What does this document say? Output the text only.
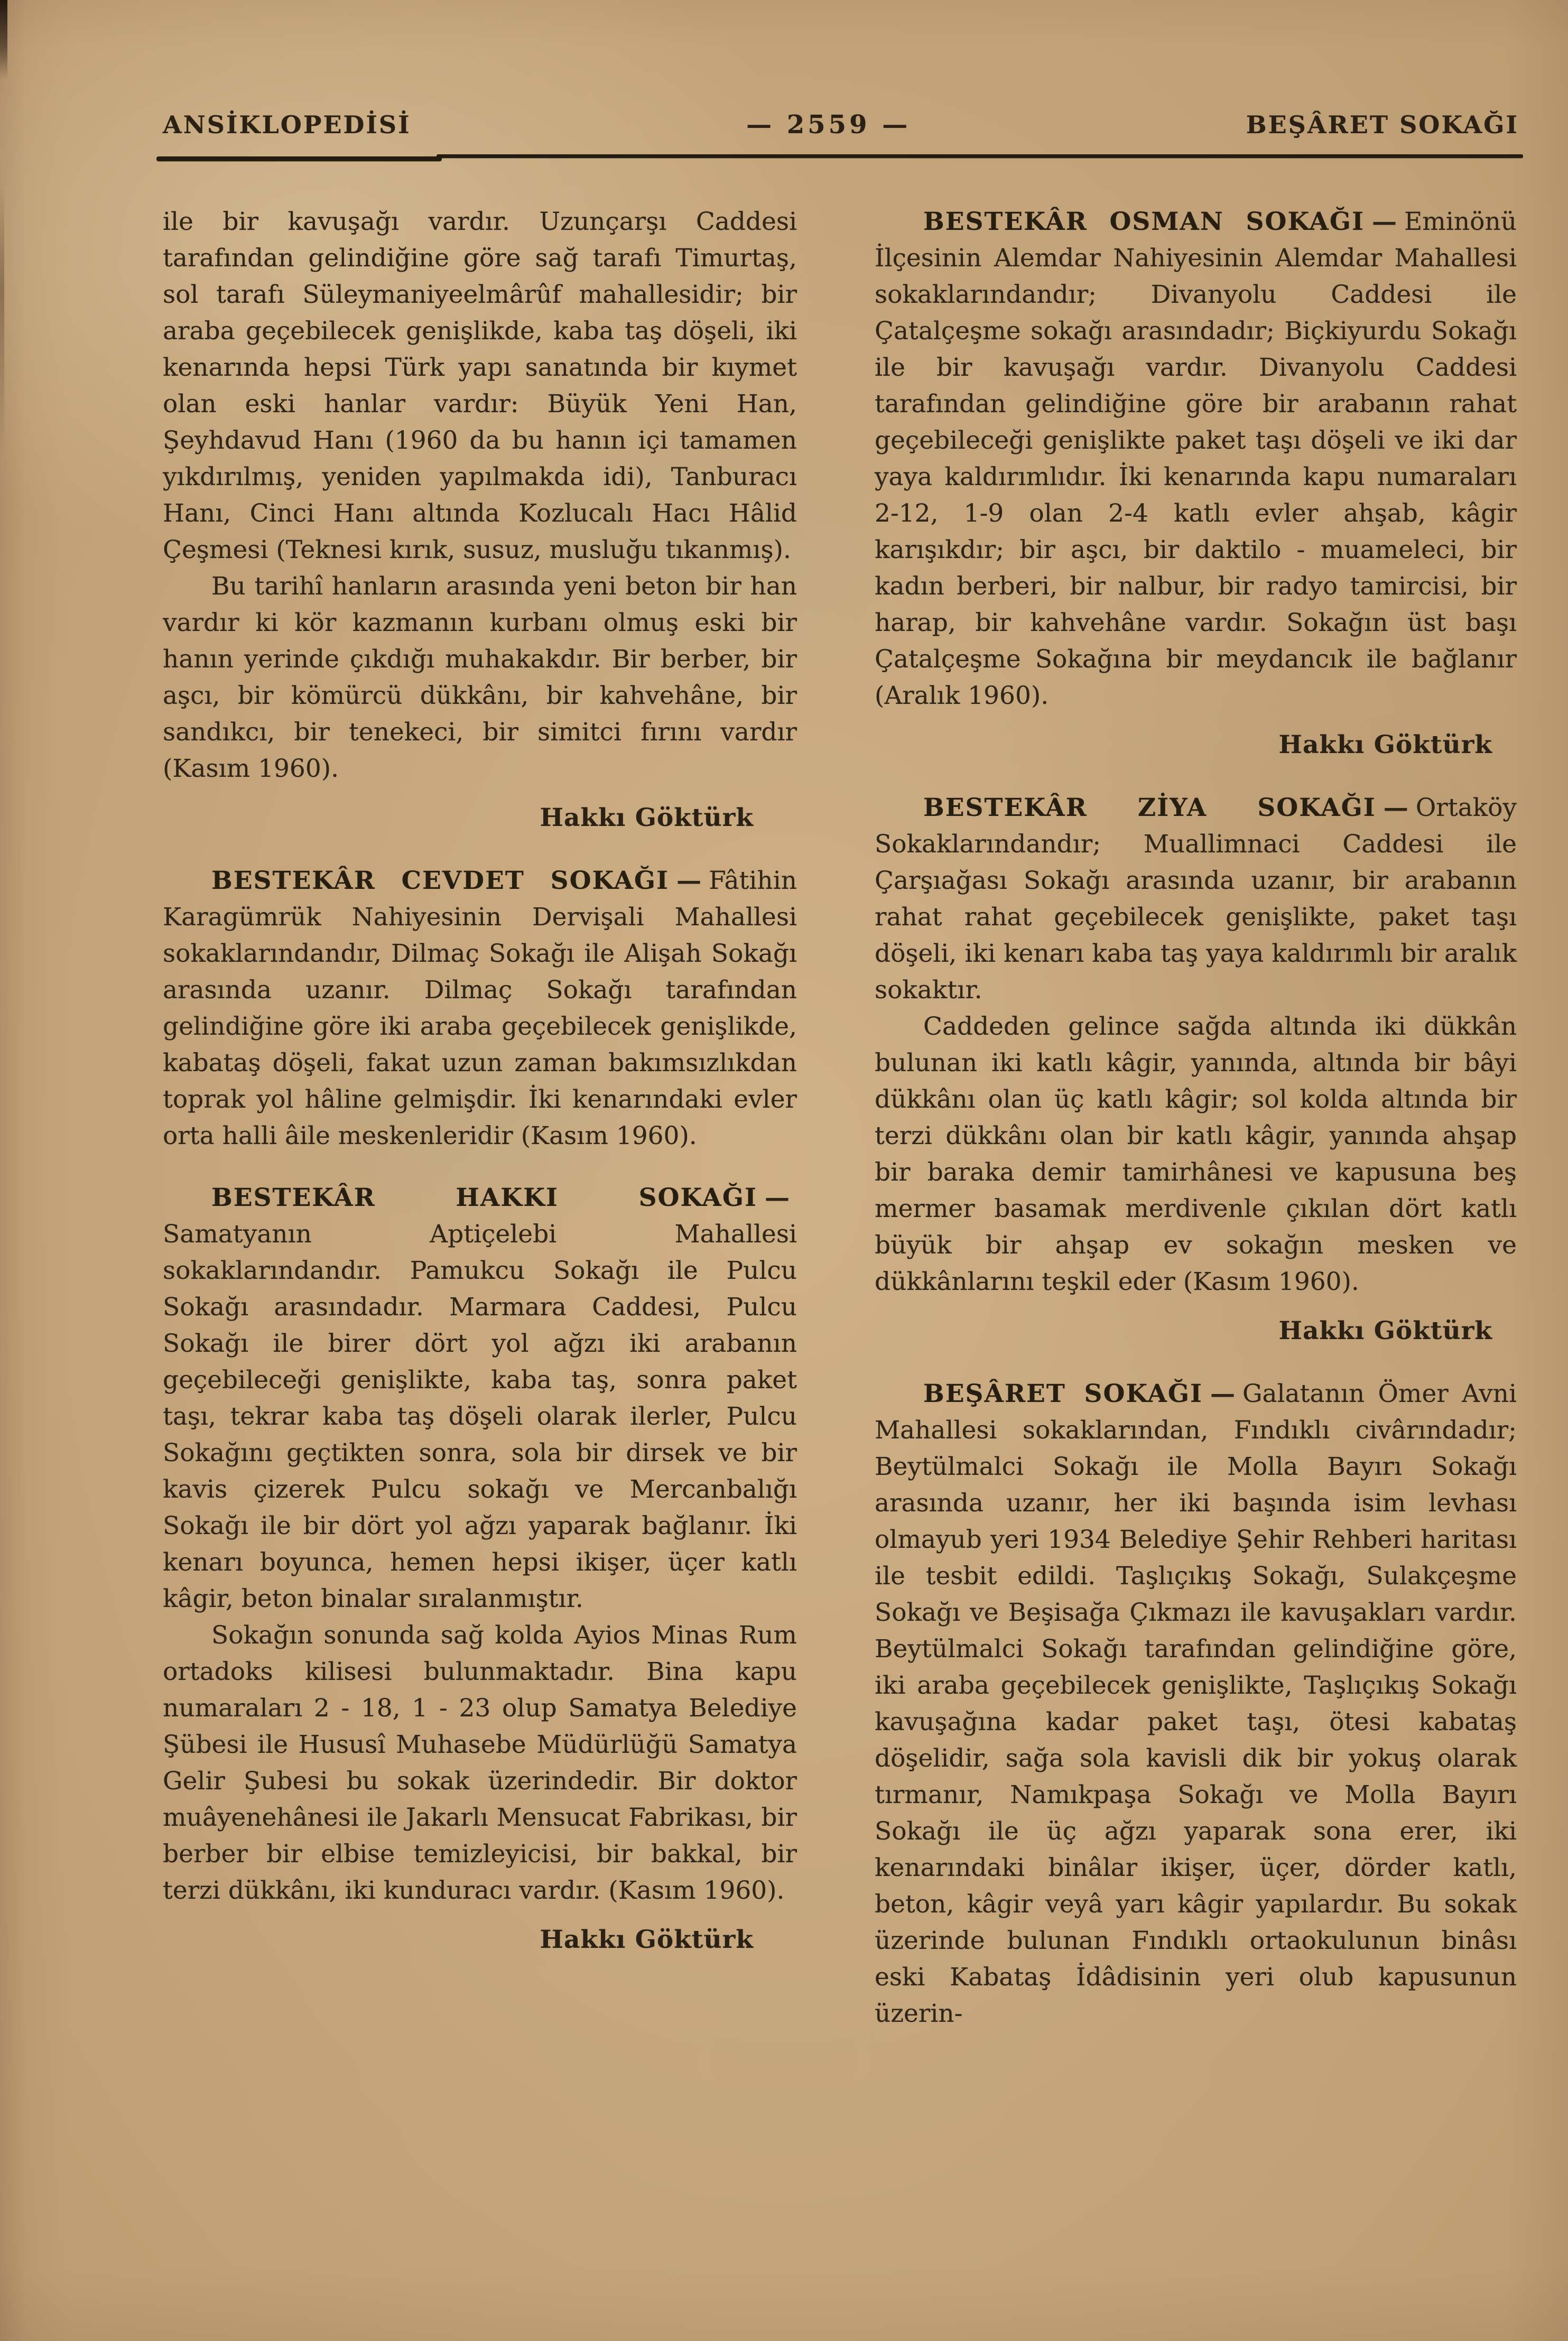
ANSİKLOPEDİSİ	— 2559 —	BEŞÂRET SOKAĞI

ile bir kavuşağı vardır. Uzunçarşı Caddesi tarafından gelindiğine göre sağ tarafı Timurtaş, sol tarafı Süleymaniyeelmârûf mahallesidir; bir araba geçebilecek genişlikde, kaba taş döşeli, iki kenarında hepsi Türk yapı sanatında bir kıymet olan eski hanlar vardır: Büyük Yeni Han, Şeyhdavud Hanı (1960 da bu hanın içi tamamen yıkdırılmış, yeniden yapılmakda idi), Tanburacı Hanı, Cinci Hanı altında Kozlucalı Hacı Hâlid Çeşmesi (Teknesi kırık, susuz, musluğu tıkanmış).

Bu tarihî hanların arasında yeni beton bir han vardır ki kör kazmanın kurbanı olmuş eski bir hanın yerinde çıkdığı muhakakdır. Bir berber, bir aşcı, bir kömürcü dükkânı, bir kahvehâne, bir sandıkcı, bir tenekeci, bir simitci fırını vardır (Kasım 1960).

Hakkı Göktürk

BESTEKÂR CEVDET SOKAĞI — Fâtihin Karagümrük Nahiyesinin Dervişali Mahallesi sokaklarındandır, Dilmaç Sokağı ile Alişah Sokağı arasında uzanır. Dilmaç Sokağı tarafından gelindiğine göre iki araba geçebilecek genişlikde, kabataş döşeli, fakat uzun zaman bakımsızlıkdan toprak yol hâline gelmişdir. İki kenarındaki evler orta halli âile meskenleridir (Kasım 1960).

BESTEKÂR HAKKI SOKAĞI —Samatyanın Aptiçelebi Mahallesi sokaklarındandır. Pamukcu Sokağı ile Pulcu Sokağı arasındadır. Marmara Caddesi, Pulcu Sokağı ile birer dört yol ağzı iki arabanın geçebileceği genişlikte, kaba taş, sonra paket taşı, tekrar kaba taş döşeli olarak ilerler, Pulcu Sokağını geçtikten sonra, sola bir dirsek ve bir kavis çizerek Pulcu sokağı ve Mercanbalığı Sokağı ile bir dört yol ağzı yaparak bağlanır. İki kenarı boyunca, hemen hepsi ikişer, üçer katlı kâgir, beton binalar sıralanmıştır.

Sokağın sonunda sağ kolda Ayios Minas Rum ortadoks kilisesi bulunmaktadır. Bina kapu numaraları 2 - 18, 1 - 23 olup Samatya Belediye Şübesi ile Hususî Muhasebe Müdürlüğü Samatya Gelir Şubesi bu sokak üzerindedir. Bir doktor muâyenehânesi ile Jakarlı Mensucat Fabrikası, bir berber bir elbise temizleyicisi, bir bakkal, bir terzi dükkânı, iki kunduracı vardır. (Kasım 1960).

Hakkı Göktürk

BESTEKÂR OSMAN SOKAĞI — Eminönü İlçesinin Alemdar Nahiyesinin Alemdar Mahallesi sokaklarındandır; Divanyolu Caddesi ile Çatalçeşme sokağı arasındadır; Biçkiyurdu Sokağı ile bir kavuşağı vardır. Divanyolu Caddesi tarafından gelindiğine göre bir arabanın rahat geçebileceği genişlikte paket taşı döşeli ve iki dar yaya kaldırımlıdır. İki kenarında kapu numaraları 2-12, 1-9 olan 2-4 katlı evler ahşab, kâgir karışıkdır; bir aşcı, bir daktilo - muameleci, bir kadın berberi, bir nalbur, bir radyo tamircisi, bir harap, bir kahvehâne vardır. Sokağın üst başı Çatalçeşme Sokağına bir meydancık ile bağlanır (Aralık 1960).

Hakkı Göktürk

BESTEKÂR ZİYA SOKAĞI — Ortaköy Sokaklarındandır; Muallimnaci Caddesi ile Çarşıağası Sokağı arasında uzanır, bir arabanın rahat rahat geçebilecek genişlikte, paket taşı döşeli, iki kenarı kaba taş yaya kaldırımlı bir aralık sokaktır.

Caddeden gelince sağda altında iki dükkân bulunan iki katlı kâgir, yanında, altında bir bâyi dükkânı olan üç katlı kâgir; sol kolda altında bir terzi dükkânı olan bir katlı kâgir, yanında ahşap bir baraka demir tamirhânesi ve kapusuna beş mermer basamak merdivenle çıkılan dört katlı büyük bir ahşap ev sokağın mesken ve dükkânlarını teşkil eder (Kasım 1960).

Hakkı Göktürk

BEŞÂRET SOKAĞI — Galatanın Ömer Avni Mahallesi sokaklarından, Fındıklı civârındadır; Beytülmalci Sokağı ile Molla Bayırı Sokağı arasında uzanır, her iki başında isim levhası olmayub yeri 1934 Belediye Şehir Rehberi haritası ile tesbit edildi. Taşlıçıkış Sokağı, Sulakçeşme Sokağı ve Beşisağa Çıkmazı ile kavuşakları vardır. Beytülmalci Sokağı tarafından gelindiğine göre, iki araba geçebilecek genişlikte, Taşlıçıkış Sokağı kavuşağına kadar paket taşı, ötesi kabataş döşelidir, sağa sola kavisli dik bir yokuş olarak tırmanır, Namıkpaşa Sokağı ve Molla Bayırı Sokağı ile üç ağzı yaparak sona erer, iki kenarındaki binâlar ikişer, üçer, dörder katlı, beton, kâgir veyâ yarı kâgir yapılardır. Bu sokak üzerinde bulunan Fındıklı ortaokulunun binâsı eski Kabataş İdâdisinin yeri olub kapusunun üzerin-
